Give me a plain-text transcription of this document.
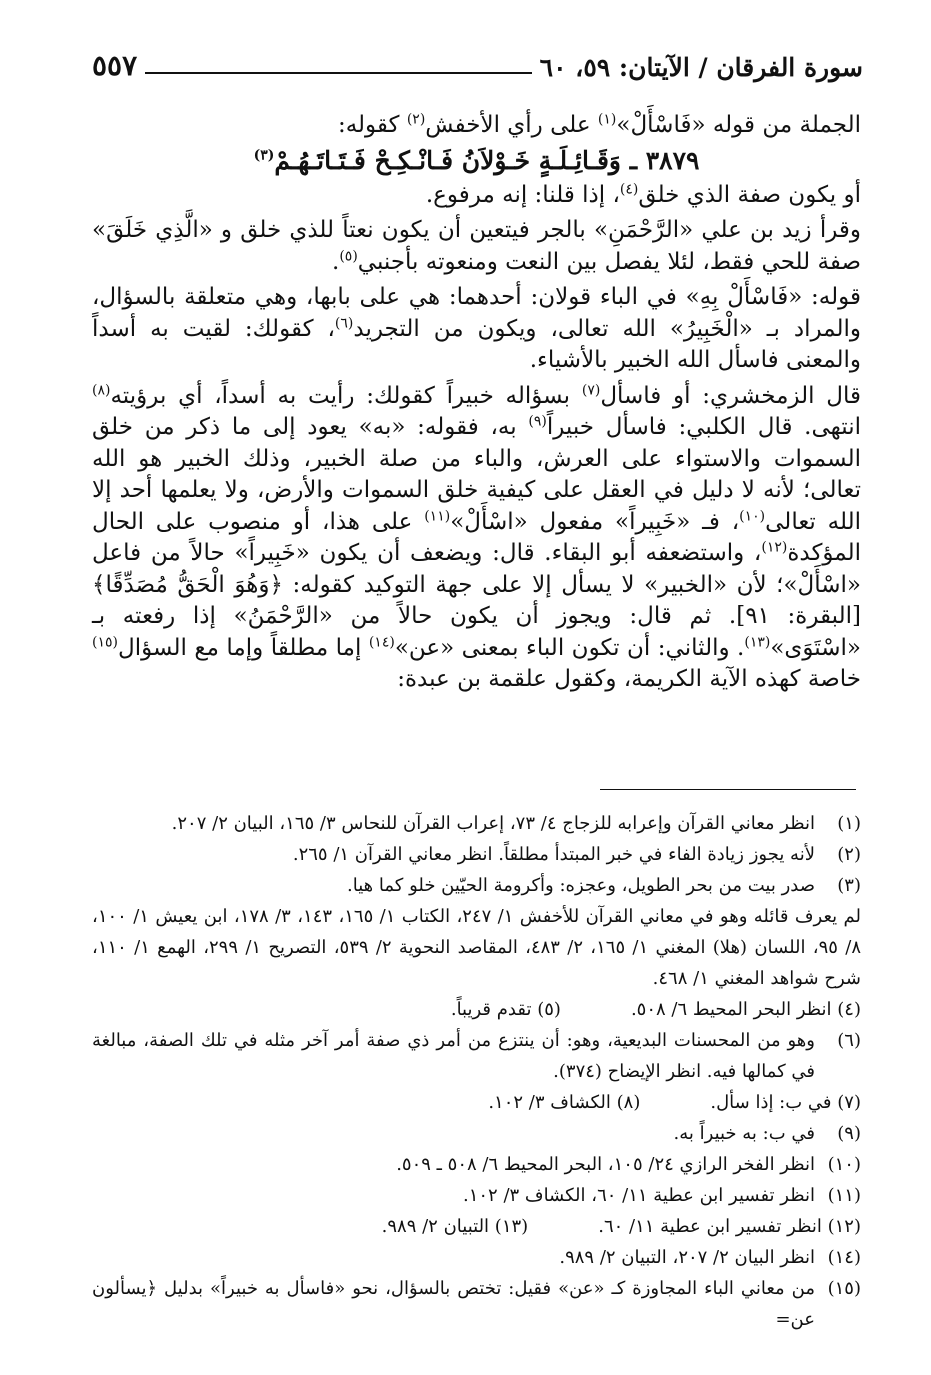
سورة الفرقان / الآيتان: ٥٩، ٦٠
٥٥٧

الجملة من قوله «فَاسْأَلْ»$^{(١)}$ على رأي الأخفش$^{(٢)}$ كقوله:

٣٨٧٩ ـ وَقَـائِـلَـةٍ خَـوْلاَنُ فَـانْـكِـحْ فَـتَـاتَـهُـمْ$^{(٣)}$

أو يكون صفة الذي خلق$^{(٤)}$، إذا قلنا: إنه مرفوع.

وقرأ زيد بن علي «الرَّحْمَنِ» بالجر فيتعين أن يكون نعتاً للذي خلق و «الَّذِي خَلَقَ» صفة للحي فقط، لئلا يفصل بين النعت ومنعوته بأجنبي$^{(٥)}$.

قوله: «فَاسْأَلْ بِهِ» في الباء قولان: أحدهما: هي على بابها، وهي متعلقة بالسؤال، والمراد بـ «الْخَبِيرُ» الله تعالى، ويكون من التجريد$^{(٦)}$، كقولك: لقيت به أسداً والمعنى فاسأل الله الخبير بالأشياء.

قال الزمخشري: أو فاسأل$^{(٧)}$ بسؤاله خبيراً كقولك: رأيت به أسداً، أي برؤيته$^{(٨)}$ انتهى. قال الكلبي: فاسأل خبيراً$^{(٩)}$ به، فقوله: «به» يعود إلى ما ذكر من خلق السموات والاستواء على العرش، والباء من صلة الخبير، وذلك الخبير هو الله تعالى؛ لأنه لا دليل في العقل على كيفية خلق السموات والأرض، ولا يعلمها أحد إلا الله تعالى$^{(١٠)}$، فـ «خَبِيراً» مفعول «اسْأَلْ»$^{(١١)}$ على هذا، أو منصوب على الحال المؤكدة$^{(١٢)}$، واستضعفه أبو البقاء. قال: ويضعف أن يكون «خَبِيراً» حالاً من فاعل «اسْأَلْ»؛ لأن «الخبير» لا يسأل إلا على جهة التوكيد كقوله: ﴿وَهُوَ الْحَقُّ مُصَدِّقًا﴾ [البقرة: ٩١]. ثم قال: ويجوز أن يكون حالاً من «الرَّحْمَنُ» إذا رفعته بـ «اسْتَوَى»$^{(١٣)}$. والثاني: أن تكون الباء بمعنى «عن»$^{(١٤)}$ إما مطلقاً وإما مع السؤال$^{(١٥)}$ خاصة كهذه الآية الكريمة، وكقول علقمة بن عبدة:

(١)
انظر معاني القرآن وإعرابه للزجاج ٤/ ٧٣، إعراب القرآن للنحاس ٣/ ١٦٥، البيان ٢/ ٢٠٧.
(٢)
لأنه يجوز زيادة الفاء في خبر المبتدأ مطلقاً. انظر معاني القرآن ١/ ٢٦٥.
(٣)
صدر بيت من بحر الطويل، وعجزه: وأكرومة الحيّين خلو كما هيا.
لم يعرف قائله وهو في معاني القرآن للأخفش ١/ ٢٤٧، الكتاب ١/ ١٦٥، ١٤٣، ٣/ ١٧٨، ابن يعيش ١/ ١٠٠، ٨/ ٩٥، اللسان (هلا) المغني ١/ ١٦٥، ٢/ ٤٨٣، المقاصد النحوية ٢/ ٥٣٩، التصريح ١/ ٢٩٩، الهمع ١/ ١١٠، شرح شواهد المغني ١/ ٤٦٨.
(٤) انظر البحر المحيط ٦/ ٥٠٨.
(٥) تقدم قريباً.
(٦)
وهو من المحسنات البديعية، وهو: أن ينتزع من أمر ذي صفة أمر آخر مثله في تلك الصفة، مبالغة في كمالها فيه. انظر الإيضاح (٣٧٤).
(٧) في ب: إذا سأل.
(٨) الكشاف ٣/ ١٠٢.
(٩)
في ب: به خبيراً به.
(١٠)
انظر الفخر الرازي ٢٤/ ١٠٥، البحر المحيط ٦/ ٥٠٨ ـ ٥٠٩.
(١١)
انظر تفسير ابن عطية ١١/ ٦٠، الكشاف ٣/ ١٠٢.
(١٢) انظر تفسير ابن عطية ١١/ ٦٠.
(١٣) التبيان ٢/ ٩٨٩.
(١٤)
انظر البيان ٢/ ٢٠٧، التبيان ٢/ ٩٨٩.
(١٥)
من معاني الباء المجاوزة كـ «عن» فقيل: تختص بالسؤال، نحو «فاسأل به خبيراً» بدليل ﴿يسألون عن=
